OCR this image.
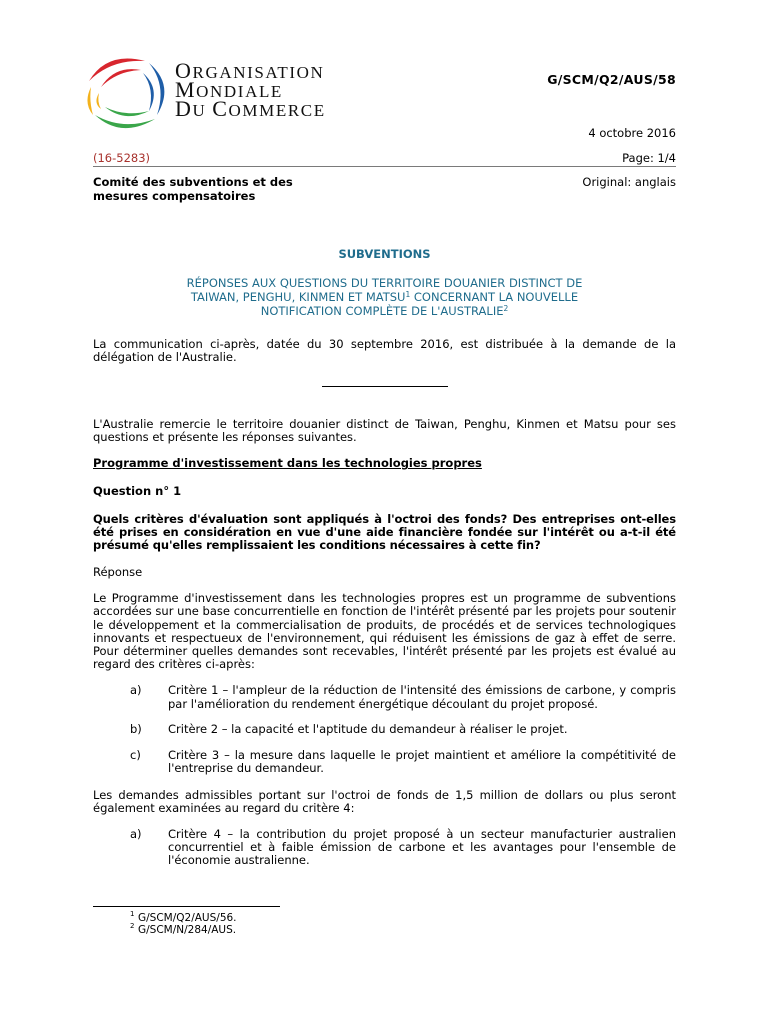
ORGANISATION
MONDIALE
DU COMMERCE
G/SCM/Q2/AUS/58
4 octobre 2016
(16-5283)	Page: 1/4
Comité des subventions et des
mesures compensatoires
Original: anglais
SUBVENTIONS
RÉPONSES AUX QUESTIONS DU TERRITOIRE DOUANIER DISTINCT DE
TAIWAN, PENGHU, KINMEN ET MATSU$^1$ CONCERNANT LA NOUVELLE
NOTIFICATION COMPLÈTE DE L'AUSTRALIE$^2$

La communication ci-après, datée du 30 septembre 2016, est distribuée à la demande de la délégation de l'Australie.

L'Australie remercie le territoire douanier distinct de Taiwan, Penghu, Kinmen et Matsu pour ses questions et présente les réponses suivantes.

Programme d'investissement dans les technologies propres

Question n° 1

Quels critères d'évaluation sont appliqués à l'octroi des fonds? Des entreprises ont-elles été prises en considération en vue d'une aide financière fondée sur l'intérêt ou a-t-il été présumé qu'elles remplissaient les conditions nécessaires à cette fin?

Réponse

Le Programme d'investissement dans les technologies propres est un programme de subventions accordées sur une base concurrentielle en fonction de l'intérêt présenté par les projets pour soutenir le développement et la commercialisation de produits, de procédés et de services technologiques innovants et respectueux de l'environnement, qui réduisent les émissions de gaz à effet de serre. Pour déterminer quelles demandes sont recevables, l'intérêt présenté par les projets est évalué au regard des critères ci-après:

a) Critère 1 – l'ampleur de la réduction de l'intensité des émissions de carbone, y compris par l'amélioration du rendement énergétique découlant du projet proposé.
b) Critère 2 – la capacité et l'aptitude du demandeur à réaliser le projet.
c) Critère 3 – la mesure dans laquelle le projet maintient et améliore la compétitivité de l'entreprise du demandeur.

Les demandes admissibles portant sur l'octroi de fonds de 1,5 million de dollars ou plus seront également examinées au regard du critère 4:

a) Critère 4 – la contribution du projet proposé à un secteur manufacturier australien concurrentiel et à faible émission de carbone et les avantages pour l'ensemble de l'économie australienne.
1 G/SCM/Q2/AUS/56.
2 G/SCM/N/284/AUS.
